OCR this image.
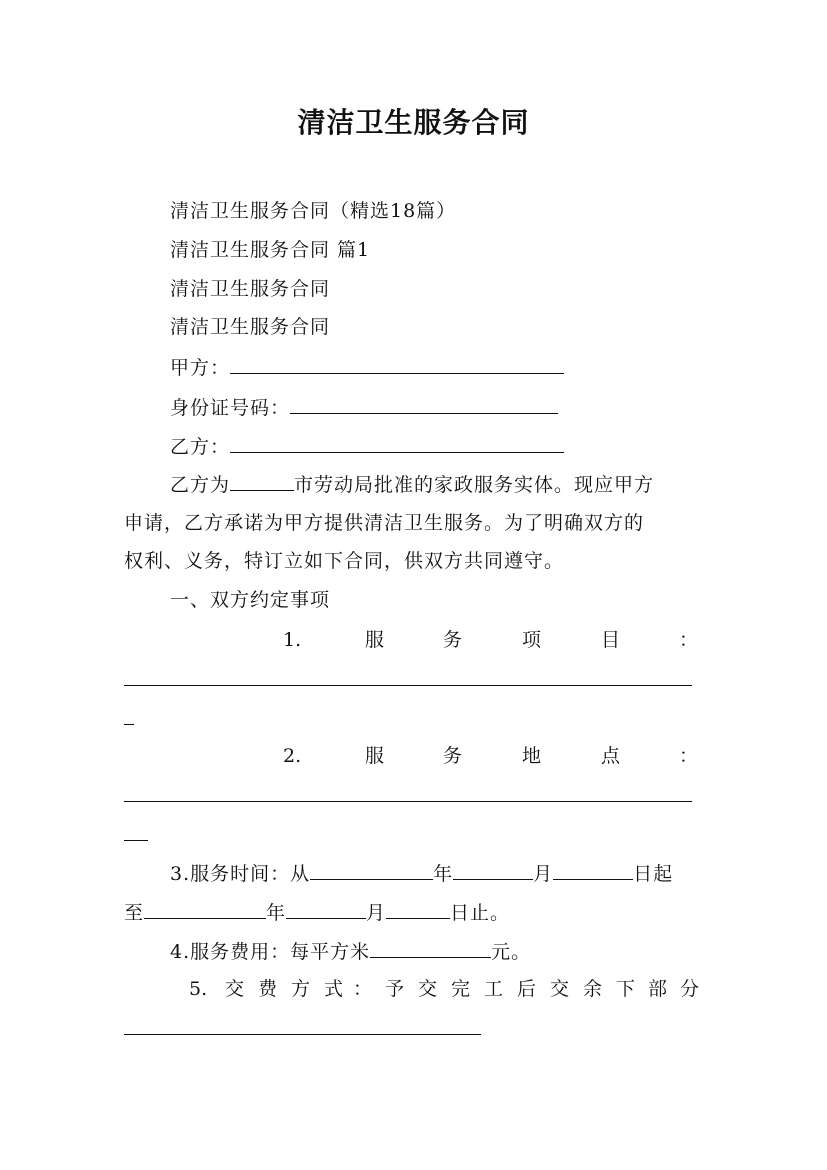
清洁卫生服务合同
清洁卫生服务合同（精选18篇）
清洁卫生服务合同 篇1
清洁卫生服务合同
清洁卫生服务合同
甲方：
身份证号码：
乙方：
乙方为	市劳动局批准的家政服务实体。现应甲方
申请，乙方承诺为甲方提供清洁卫生服务。为了明确双方的
权利、义务，特订立如下合同，供双方共同遵守。
一、双方约定事项
1.	服	务	项	目	：
2.	服	务	地	点	：
3.服务时间：从	年	月	日起
至	年	月	日止。
4.服务费用：每平方米	元。
5. 交 费 方 式 ： 予 交 完 工 后 交 余 下 部 分
